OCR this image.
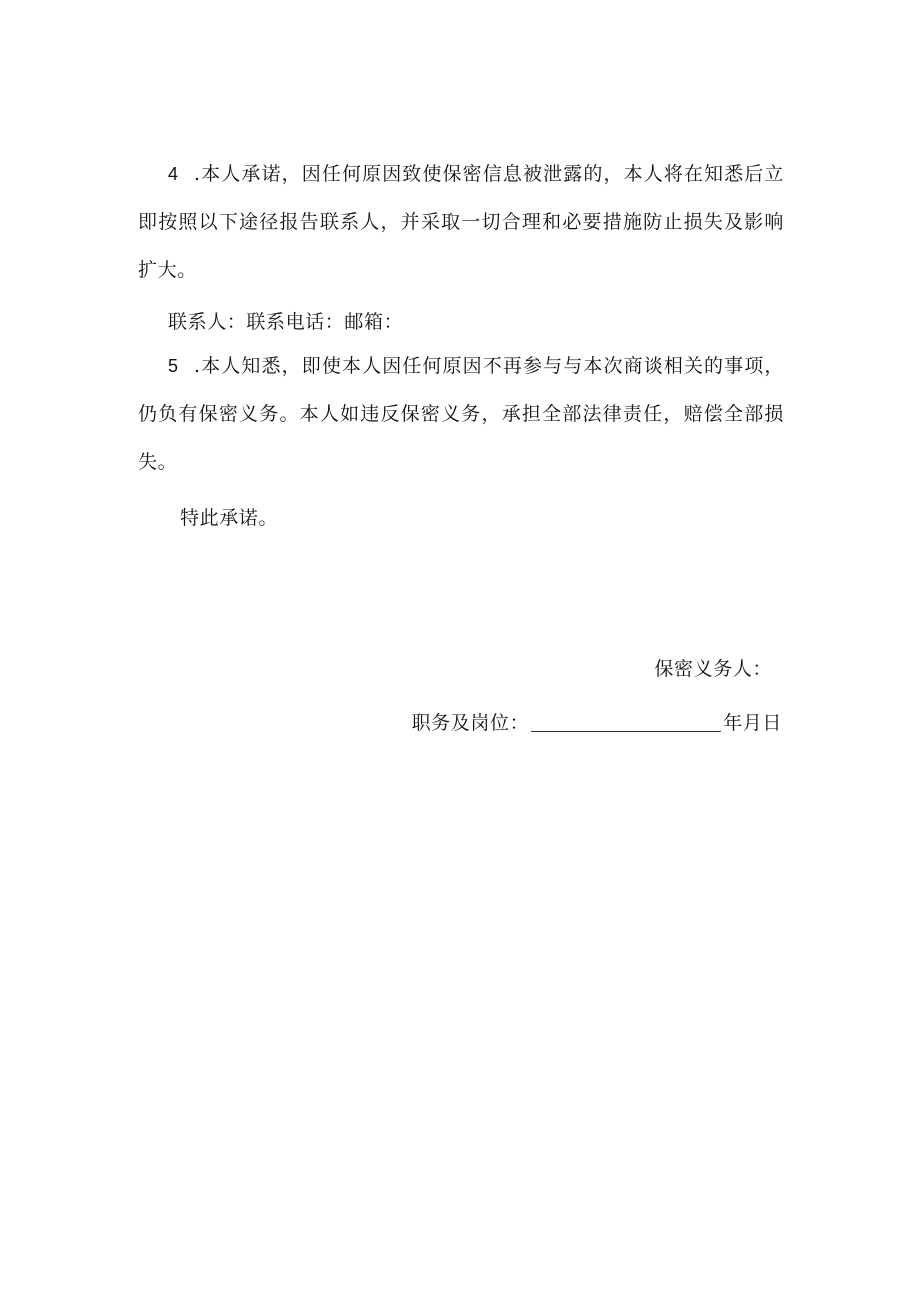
4 .本人承诺，因任何原因致使保密信息被泄露的，本人将在知悉后立即按照以下途径报告联系人，并采取一切合理和必要措施防止损失及影响扩大。
联系人：联系电话：邮箱：
5 .本人知悉，即使本人因任何原因不再参与与本次商谈相关的事项，仍负有保密义务。本人如违反保密义务，承担全部法律责任，赔偿全部损失。
特此承诺。
保密义务人：
职务及岗位：	年月日
